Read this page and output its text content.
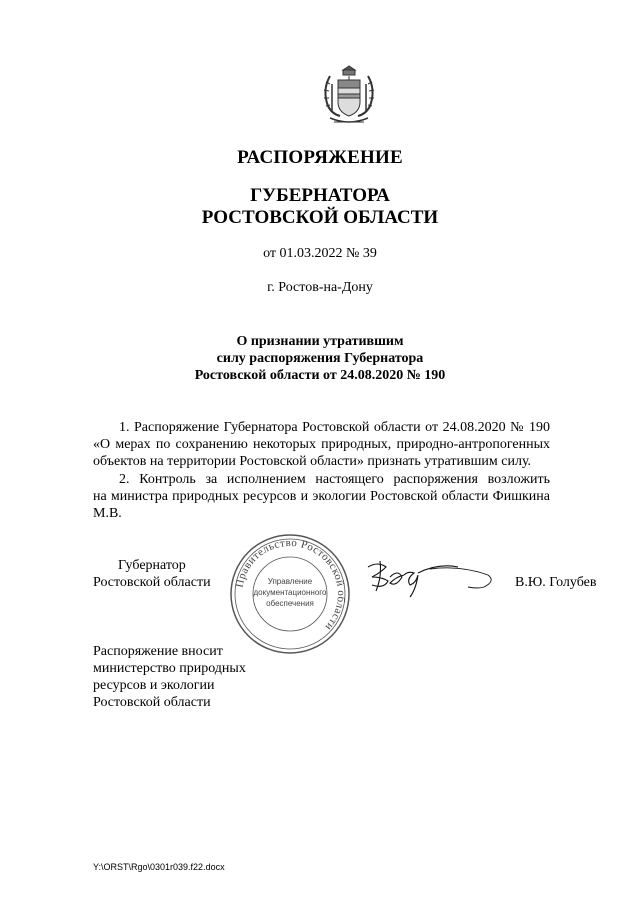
РАСПОРЯЖЕНИЕ
ГУБЕРНАТОРА
РОСТОВСКОЙ ОБЛАСТИ
от 01.03.2022 № 39
г. Ростов-на-Дону
О признании утратившим
силу распоряжения Губернатора
Ростовской области от 24.08.2020 № 190
1. Распоряжение Губернатора Ростовской области от 24.08.2020 № 190
«О мерах по сохранению некоторых природных, природно-антропогенных
объектов на территории Ростовской области» признать утратившим силу.
2. Контроль за исполнением настоящего распоряжения возложить
на министра природных ресурсов и экологии Ростовской области Фишкина М.В.
Губернатор
Ростовской области Правительство Ростовской области
Управление
документационного
обеспечения
В.Ю. Голубев
Распоряжение вносит
министерство природных
ресурсов и экологии
Ростовской области
Y:\ORST\Rgo\0301r039.f22.docx
